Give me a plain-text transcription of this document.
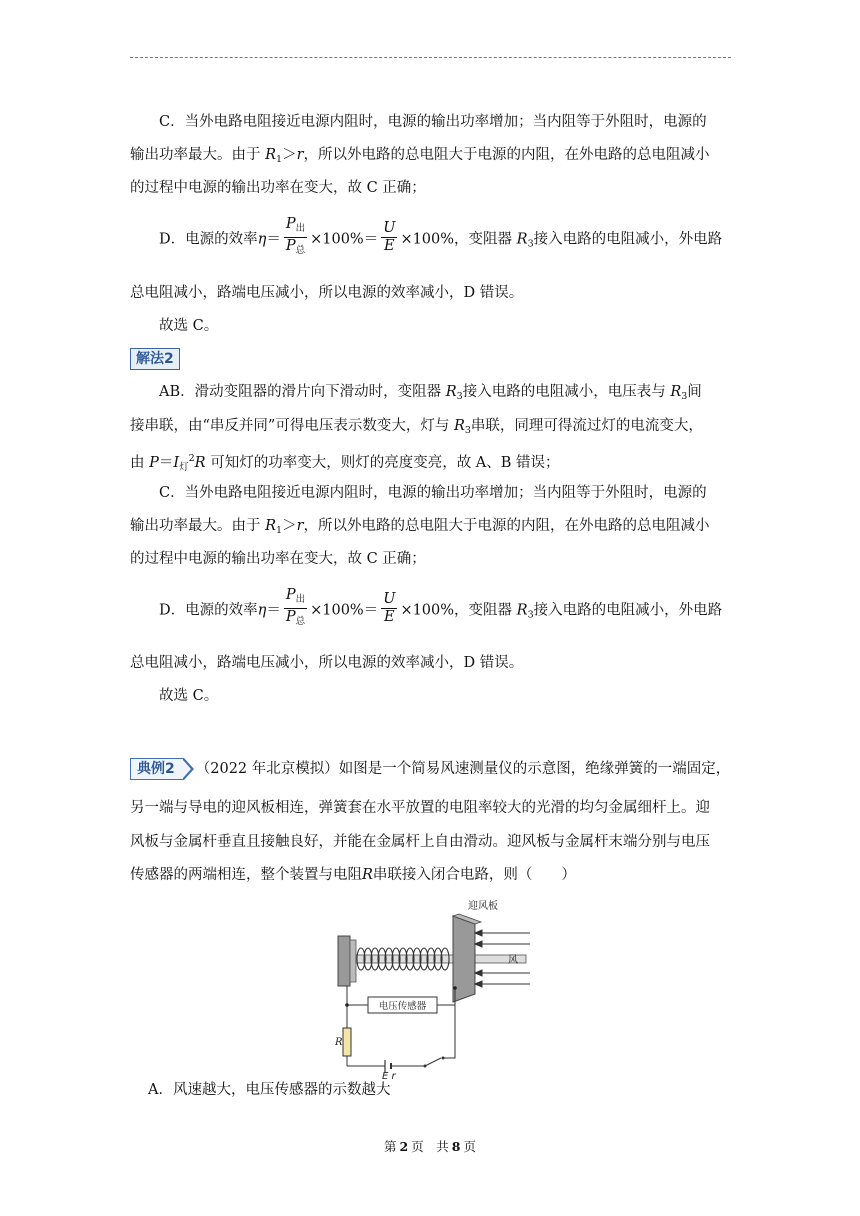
C．当外电路电阻接近电源内阻时，电源的输出功率增加；当内阻等于外阻时，电源的
输出功率最大。由于 $R_1>r$，所以外电路的总电阻大于电源的内阻，在外电路的总电阻减小
的过程中电源的输出功率在变大，故 C 正确；
D．电源的效率$\eta= \frac{P_出}{P_总} \times 100\%= \frac{U}{E} \times 100\%$，变阻器 $R_3$接入电路的电阻减小，外电路
总电阻减小，路端电压减小，所以电源的效率减小，D 错误。
故选 C。
解法2
AB．滑动变阻器的滑片向下滑动时，变阻器 $R_3$接入电路的电阻减小，电压表与 $R_3$间
接串联，由“串反并同”可得电压表示数变大，灯与 $R_3$串联，同理可得流过灯的电流变大，
由 $P=I_灯^2R$ 可知灯的功率变大，则灯的亮度变亮，故 A、B 错误；
C．当外电路电阻接近电源内阻时，电源的输出功率增加；当内阻等于外阻时，电源的
输出功率最大。由于 $R_1>r$，所以外电路的总电阻大于电源的内阻，在外电路的总电阻减小
的过程中电源的输出功率在变大，故 C 正确；
D．电源的效率$\eta= \frac{P_出}{P_总} \times 100\%= \frac{U}{E} \times 100\%$，变阻器 $R_3$接入电路的电阻减小，外电路
总电阻减小，路端电压减小，所以电源的效率减小，D 错误。
故选 C。
典例2 （2022 年北京模拟）如图是一个简易风速测量仪的示意图，绝缘弹簧的一端固定，
另一端与导电的迎风板相连，弹簧套在水平放置的电阻率较大的光滑的均匀金属细杆上。迎
风板与金属杆垂直且接触良好，并能在金属杆上自由滑动。迎风板与金属杆末端分别与电压
传感器的两端相连，整个装置与电阻R串联接入闭合电路，则（　　）
迎风板
风
电压传感器
R
E r
A．风速越大，电压传感器的示数越大
第 2 页　共 8 页
